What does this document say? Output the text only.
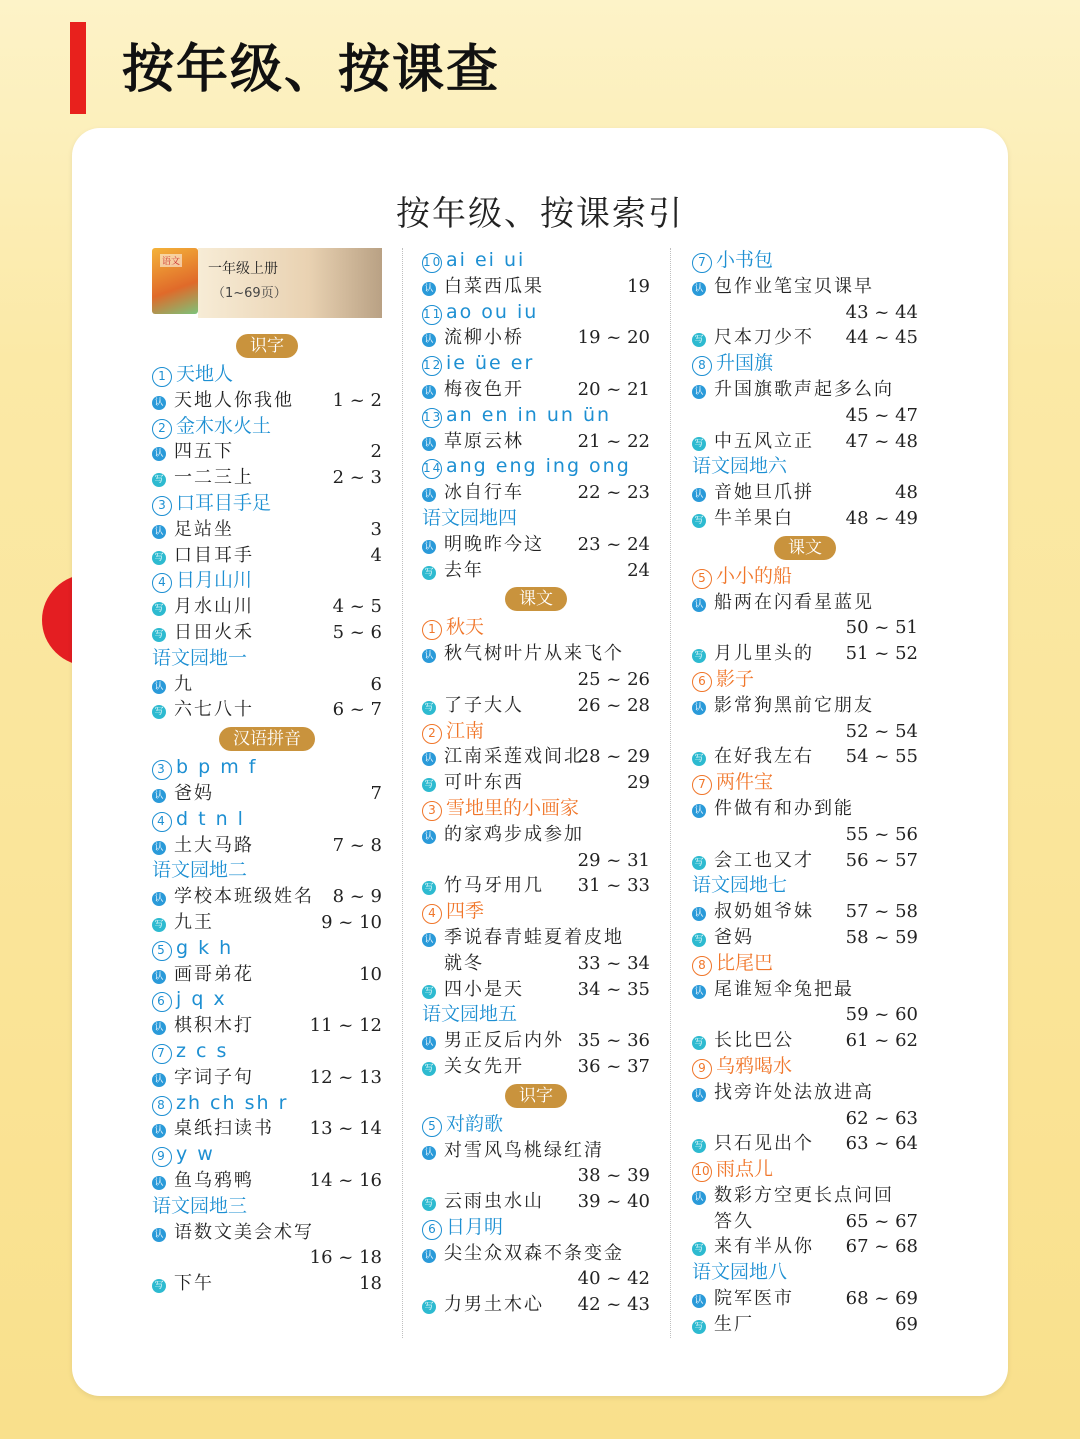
按年级、按课查
按年级、按课索引
语文
一年级上册
（1~69页）
识字
1 天地人
认 天地人你我他 1 ~ 2
2 金木水火土
认 四五下	2
写 一二三上	2 ~ 3
3 口耳目手足
认 足站坐	3
写 口目耳手	4
4 日月山川
写 月水山川	4 ~ 5
写 日田火禾	5 ~ 6
语文园地一
认 九	6
写 六七八十	6 ~ 7
汉语拼音
3 b p m f
认 爸妈	7
4 d t n l
认 土大马路	7 ~ 8
语文园地二
认 学校本班级姓名 8 ~ 9
写 九王	9 ~ 10
5 g k h
认 画哥弟花	10
6 j q x
认 棋积木打	11 ~ 12
7 z c s
认 字词子句	12 ~ 13
8 zh ch sh r
认 桌纸扫读书 13 ~ 14
9 y w
认 鱼乌鸦鸭	14 ~ 16
语文园地三
认 语数文美会术写
16 ~ 18
写 下午	18
10 ai ei ui
认 白菜西瓜果	19
11 ao ou iu
认 流柳小桥	19 ~ 20
12 ie üe er
认 梅夜色开	20 ~ 21
13 an en in un ün
认 草原云林	21 ~ 22
14 ang eng ing ong
认 冰自行车	22 ~ 23
语文园地四
认 明晚昨今这 23 ~ 24
写 去年	24
课文
1 秋天
认 秋气树叶片从来飞个
25 ~ 26
写 了子大人	26 ~ 28
2 江南
认 江南采莲戏间北
28 ~ 29
写 可叶东西	29
3 雪地里的小画家
认 的家鸡步成参加
29 ~ 31
写 竹马牙用几 31 ~ 33
4 四季
认 季说春青蛙夏着皮地
就冬	33 ~ 34
写 四小是天	34 ~ 35
语文园地五
认 男正反后内外 35 ~ 36
写 关女先开	36 ~ 37
识字
5 对韵歌
认 对雪风鸟桃绿红清
38 ~ 39
写 云雨虫水山 39 ~ 40
6 日月明
认 尖尘众双森不条变金
40 ~ 42
写 力男土木心 42 ~ 43
7 小书包
认 包作业笔宝贝课早
43 ~ 44
写 尺本刀少不 44 ~ 45
8 升国旗
认 升国旗歌声起多么向
45 ~ 47
写 中五风立正 47 ~ 48
语文园地六
认 音她旦爪拼	48
写 牛羊果白	48 ~ 49
课文
5 小小的船
认 船两在闪看星蓝见
50 ~ 51
写 月儿里头的 51 ~ 52
6 影子
认 影常狗黑前它朋友
52 ~ 54
写 在好我左右 54 ~ 55
7 两件宝
认 件做有和办到能
55 ~ 56
写 会工也又才 56 ~ 57
语文园地七
认 叔奶姐爷妹 57 ~ 58
写 爸妈	58 ~ 59
8 比尾巴
认 尾谁短伞兔把最
59 ~ 60
写 长比巴公	61 ~ 62
9 乌鸦喝水
认 找旁许处法放进高
62 ~ 63
写 只石见出个 63 ~ 64
10 雨点儿
认 数彩方空更长点问回
答久	65 ~ 67
写 来有半从你 67 ~ 68
语文园地八
认 院军医市	68 ~ 69
写 生厂	69
